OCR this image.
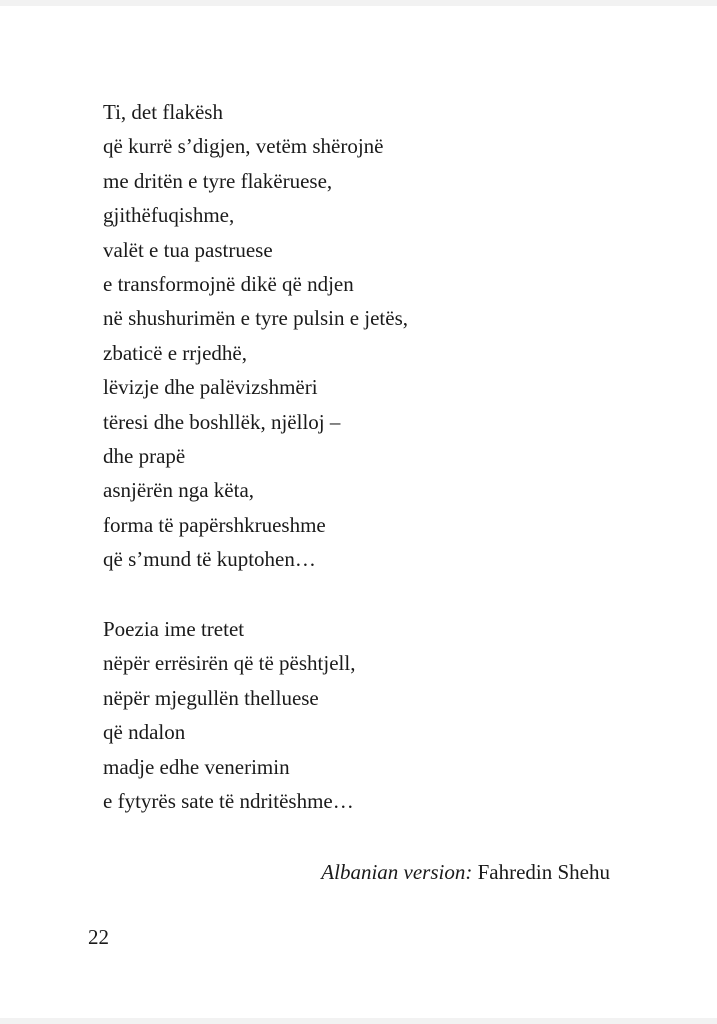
Ti, det flakësh
që kurrë s’digjen, vetëm shërojnë
me dritën e tyre flakëruese,
gjithëfuqishme,
valët e tua pastruese
e transformojnë dikë që ndjen
në shushurimën e tyre pulsin e jetës,
zbaticë e rrjedhë,
lëvizje dhe palëvizshmëri
tëresi dhe boshllëk, njëlloj –
dhe prapë
asnjërën nga këta,
forma të papërshkrueshme
që s’mund të kuptohen…
Poezia ime tretet
nëpër errësirën që të pështjell,
nëpër mjegullën thelluese
që ndalon
madje edhe venerimin
e fytyrës sate të ndritëshme…
Albanian version: Fahredin Shehu
22
